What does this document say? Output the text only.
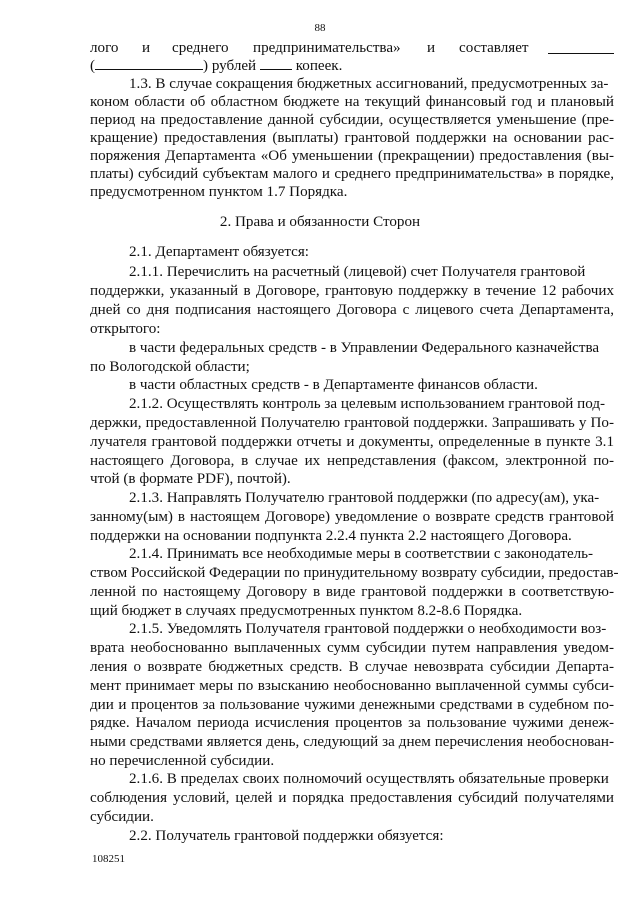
88
лого и среднего предпринимательства» и составляет
(	) рублей	копеек.
1.3. В случае сокращения бюджетных ассигнований, предусмотренных за-
коном области об областном бюджете на текущий финансовый год и плановый
период на предоставление данной субсидии, осуществляется уменьшение (пре-
кращение) предоставления (выплаты) грантовой поддержки на основании рас-
поряжения Департамента «Об уменьшении (прекращении) предоставления (вы-
платы) субсидий субъектам малого и среднего предпринимательства» в порядке,
предусмотренном пунктом 1.7 Порядка.
2. Права и обязанности Сторон
2.1. Департамент обязуется:
2.1.1. Перечислить на расчетный (лицевой) счет Получателя грантовой
поддержки, указанный в Договоре, грантовую поддержку в течение 12 рабочих
дней со дня подписания настоящего Договора с лицевого счета Департамента,
открытого:
в части федеральных средств - в Управлении Федерального казначейства
по Вологодской области;
в части областных средств - в Департаменте финансов области.
2.1.2. Осуществлять контроль за целевым использованием грантовой под-
держки, предоставленной Получателю грантовой поддержки. Запрашивать у По-
лучателя грантовой поддержки отчеты и документы, определенные в пункте 3.1
настоящего Договора, в случае их непредставления (факсом, электронной по-
чтой (в формате PDF), почтой).
2.1.3. Направлять Получателю грантовой поддержки (по адресу(ам), ука-
занному(ым) в настоящем Договоре) уведомление о возврате средств грантовой
поддержки на основании подпункта 2.2.4 пункта 2.2 настоящего Договора.
2.1.4. Принимать все необходимые меры в соответствии с законодатель-
ством Российской Федерации по принудительному возврату субсидии, предостав-
ленной по настоящему Договору в виде грантовой поддержки в соответствую-
щий бюджет в случаях предусмотренных пунктом 8.2-8.6 Порядка.
2.1.5. Уведомлять Получателя грантовой поддержки о необходимости воз-
врата необоснованно выплаченных сумм субсидии путем направления уведом-
ления о возврате бюджетных средств. В случае невозврата субсидии Департа-
мент принимает меры по взысканию необоснованно выплаченной суммы субси-
дии и процентов за пользование чужими денежными средствами в судебном по-
рядке. Началом периода исчисления процентов за пользование чужими денеж-
ными средствами является день, следующий за днем перечисления необоснован-
но перечисленной субсидии.
2.1.6. В пределах своих полномочий осуществлять обязательные проверки
соблюдения условий, целей и порядка предоставления субсидий получателями
субсидии.
2.2. Получатель грантовой поддержки обязуется:
108251
